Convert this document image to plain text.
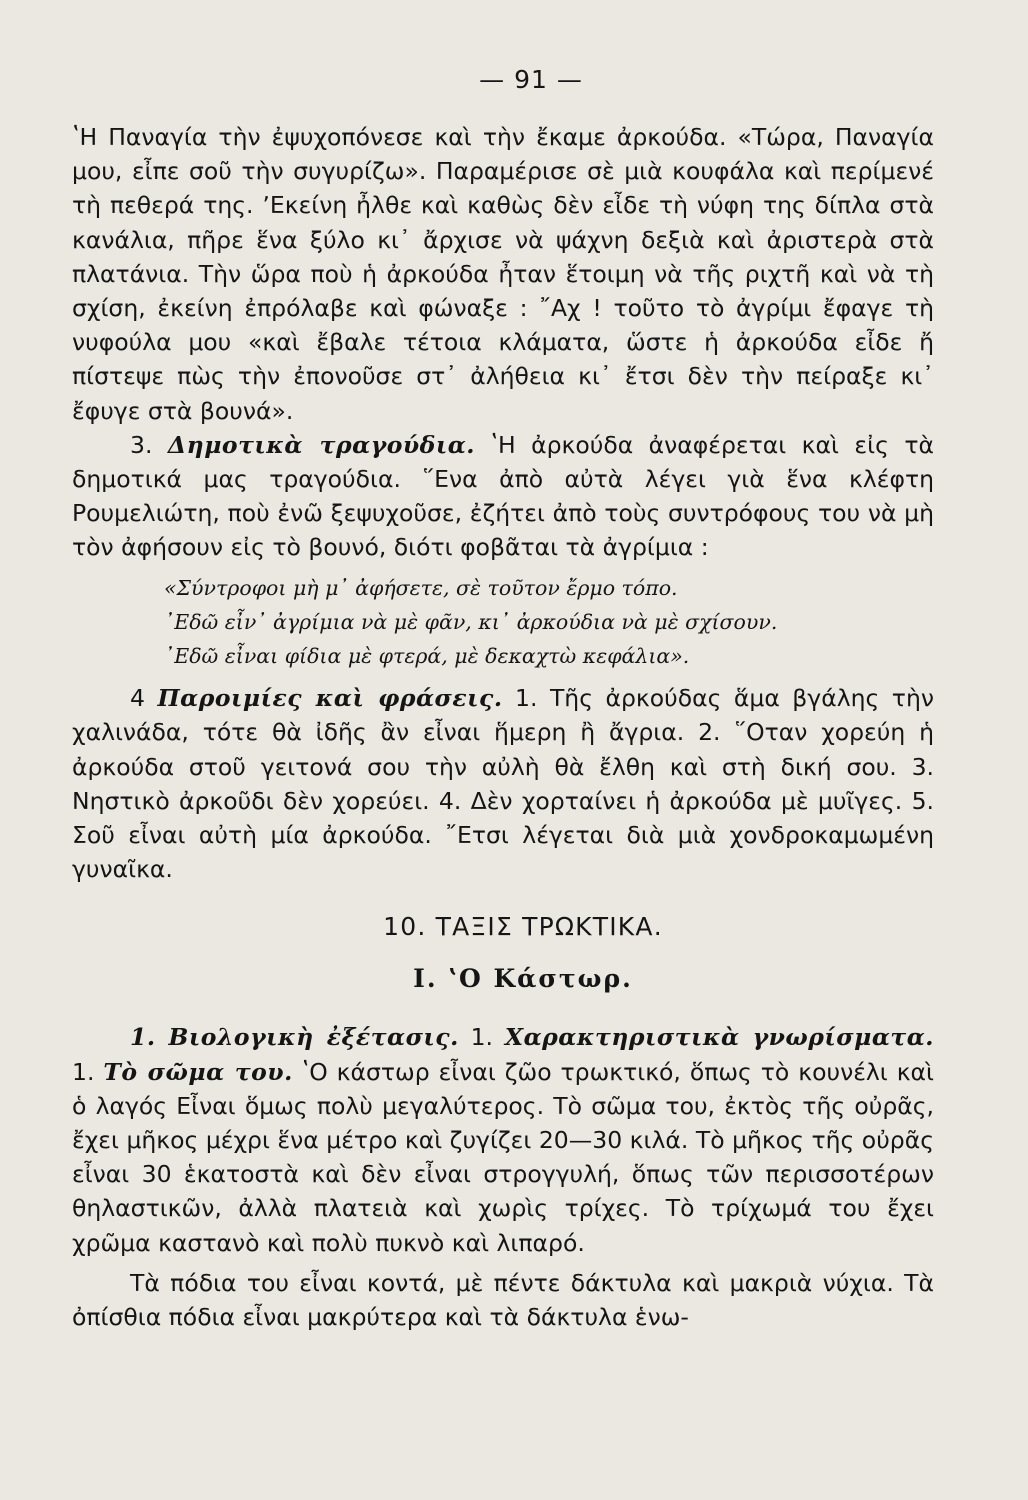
— 91 —

ʽΗ Παναγία τὴν ἐψυχοπόνεσε καὶ τὴν ἔκαμε ἀρκούδα. «Τώρα, Παναγία μου, εἶπε σοῦ τὴν συγυρίζω». Παραμέρισε σὲ μιὰ κουφάλα καὶ περίμενέ τὴ πεθερά της. ʼΕκείνη ἦλθε καὶ καθὼς δὲν εἶδε τὴ νύφη της δίπλα στὰ κανάλια, πῆρε ἕνα ξύλο κι᾽ ἄρχισε νὰ ψάχνη δεξιὰ καὶ ἀριστερὰ στὰ πλατάνια. Τὴν ὥρα ποὺ ἡ ἀρκούδα ἦταν ἕτοιμη νὰ τῆς ριχτῆ καὶ νὰ τὴ σχίση, ἐκείνη ἐπρόλαβε καὶ φώναξε : ῎Αχ ! τοῦτο τὸ ἀγρίμι ἔφαγε τὴ νυφούλα μου «καὶ ἔβαλε τέτοια κλάματα, ὥστε ἡ ἀρκούδα εἶδε ἤ πίστεψε πὼς τὴν ἐπονοῦσε στ᾽ ἀλήθεια κι᾽ ἔτσι δὲν τὴν πείραξε κι᾽ ἔφυγε στὰ βουνά».

3. Δημοτικὰ τραγούδια. ʽΗ ἀρκούδα ἀναφέρεται καὶ εἰς τὰ δημοτικά μας τραγούδια. ῞Ενα ἀπὸ αὐτὰ λέγει γιὰ ἕνα κλέφτη Ρουμελιώτη, ποὺ ἐνῶ ξεψυχοῦσε, ἐζήτει ἀπὸ τοὺς συντρόφους του νὰ μὴ τὸν ἀφήσουν εἰς τὸ βουνό, διότι φοβᾶται τὰ ἀγρίμια :

«Σύντροφοι μὴ μ᾽ ἀφήσετε, σὲ τοῦτον ἔρμο τόπο.
᾽Εδῶ εἶν᾽ ἀγρίμια νὰ μὲ φᾶν, κι᾽ ἀρκούδια νὰ μὲ σχίσουν.
᾽Εδῶ εἶναι φίδια μὲ φτερά, μὲ δεκαχτὼ κεφάλια».

4 Παροιμίες καὶ φράσεις. 1. Τῆς ἀρκούδας ἅμα βγάλης τὴν χαλινάδα, τότε θὰ ἰδῆς ἂν εἶναι ἥμερη ἢ ἄγρια. 2. ῞Οταν χορεύη ἡ ἀρκούδα στοῦ γειτονά σου τὴν αὐλὴ θὰ ἔλθη καὶ στὴ δική σου. 3. Νηστικὸ ἀρκοῦδι δὲν χορεύει. 4. Δὲν χορταίνει ἡ ἀρκούδα μὲ μυῖγες. 5. Σοῦ εἶναι αὐτὴ μία ἀρκούδα. ῎Ετσι λέγεται διὰ μιὰ χονδροκαμωμένη γυναῖκα.

10. ΤΑΞΙΣ ΤΡΩΚΤΙΚΑ.
Ι. ʽΟ Κάστωρ.

1. Βιολογικὴ ἐξέτασις. 1. Χαρακτηριστικὰ γνωρίσματα. 1. Τὸ σῶμα του. ʽΟ κάστωρ εἶναι ζῶο τρωκτικό, ὅπως τὸ κουνέλι καὶ ὁ λαγός Εἶναι ὅμως πολὺ μεγαλύτερος. Τὸ σῶμα του, ἐκτὸς τῆς οὐρᾶς, ἔχει μῆκος μέχρι ἕνα μέτρο καὶ ζυγίζει 20—30 κιλά. Τὸ μῆκος τῆς οὐρᾶς εἶναι 30 ἑκατοστὰ καὶ δὲν εἶναι στρογγυλή, ὅπως τῶν περισσοτέρων θηλαστικῶν, ἀλλὰ πλατειὰ καὶ χωρὶς τρίχες. Τὸ τρίχωμά του ἔχει χρῶμα καστανὸ καὶ πολὺ πυκνὸ καὶ λιπαρό.

Τὰ πόδια του εἶναι κοντά, μὲ πέντε δάκτυλα καὶ μακριὰ νύχια. Τὰ ὀπίσθια πόδια εἶναι μακρύτερα καὶ τὰ δάκτυλα ἑνω-
